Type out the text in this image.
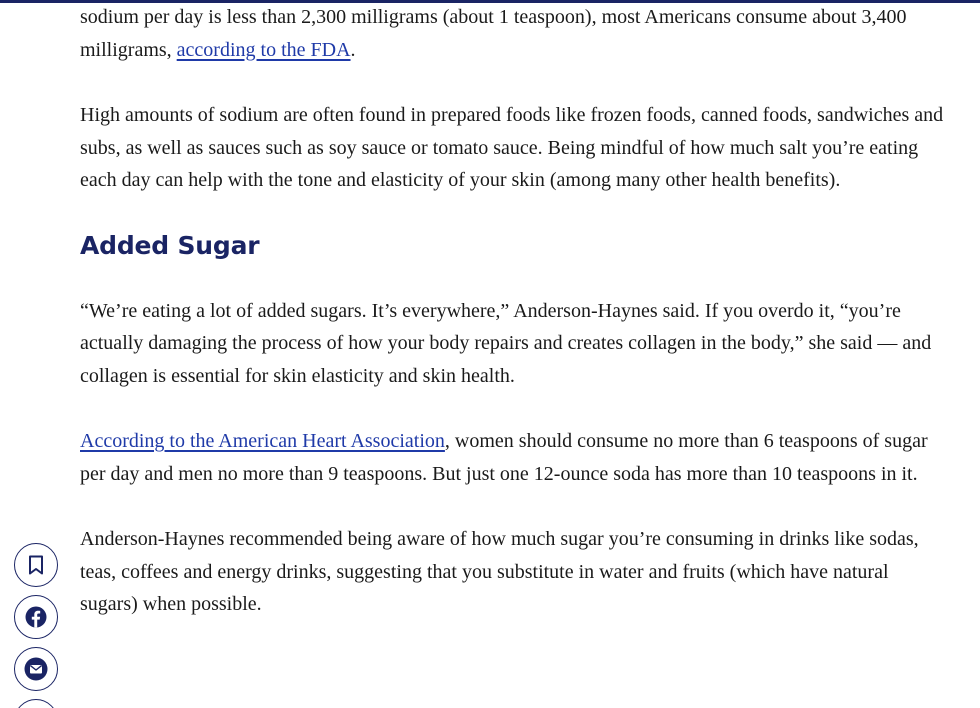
sodium per day is less than 2,300 milligrams (about 1 teaspoon), most Americans consume about 3,400 milligrams, according to the FDA.

High amounts of sodium are often found in prepared foods like frozen foods, canned foods, sandwiches and subs, as well as sauces such as soy sauce or tomato sauce. Being mindful of how much salt you’re eating each day can help with the tone and elasticity of your skin (among many other health benefits).

Added Sugar

“We’re eating a lot of added sugars. It’s everywhere,” Anderson-Haynes said. If you overdo it, “you’re actually damaging the process of how your body repairs and creates collagen in the body,” she said — and collagen is essential for skin elasticity and skin health.

According to the American Heart Association, women should consume no more than 6 teaspoons of sugar per day and men no more than 9 teaspoons. But just one 12-ounce soda has more than 10 teaspoons in it.

Anderson-Haynes recommended being aware of how much sugar you’re consuming in drinks like sodas, teas, coffees and energy drinks, suggesting that you substitute in water and fruits (which have natural sugars) when possible.
